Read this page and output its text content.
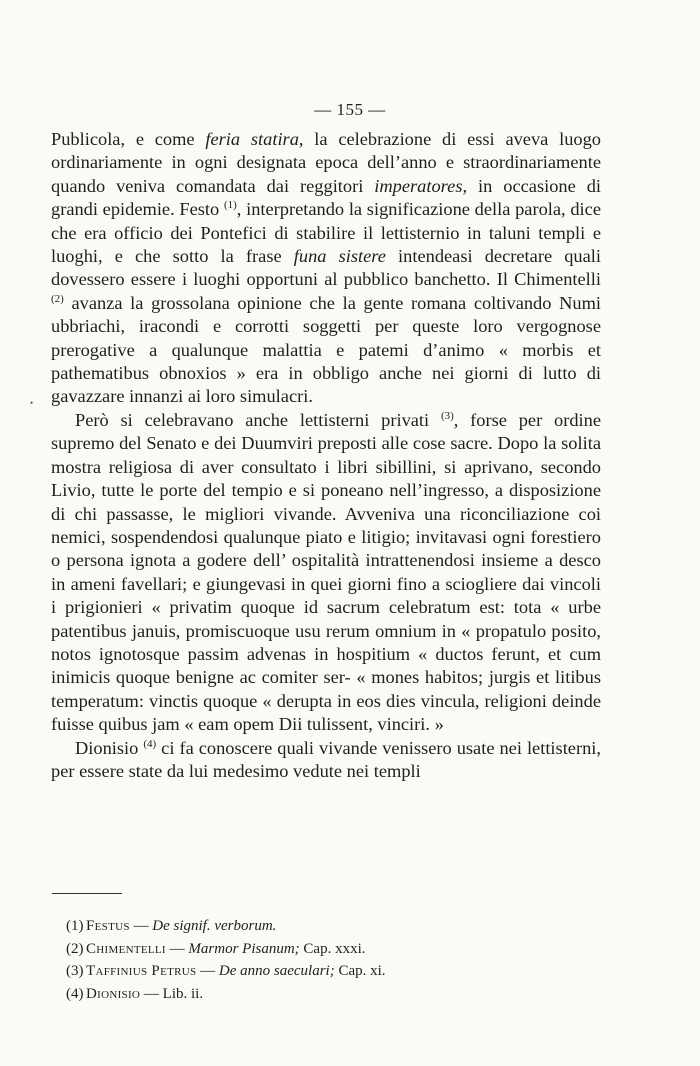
— 155 —

Publicola, e come feria statira, la celebrazione di essi aveva luogo ordinariamente in ogni designata epoca dell’anno e straordinariamente quando veniva comandata dai reggitori imperatores, in occasione di grandi epidemie. Festo $^{(1)}$, interpretando la significazione della parola, dice che era officio dei Pontefici di stabilire il lettisternio in taluni templi e luoghi, e che sotto la frase funa sistere intendeasi decretare quali dovessero essere i luoghi opportuni al pubblico banchetto. Il Chimentelli $^{(2)}$ avanza la grossolana opinione che la gente romana coltivando Numi ubbriachi, iracondi e corrotti soggetti per queste loro vergognose prerogative a qualunque malattia e patemi d’animo « morbis et pathematibus obnoxios » era in obbligo anche nei giorni di lutto di gavazzare innanzi ai loro simulacri.

Però si celebravano anche lettisterni privati $^{(3)}$, forse per ordine supremo del Senato e dei Duumviri preposti alle cose sacre. Dopo la solita mostra religiosa di aver consultato i libri sibillini, si aprivano, secondo Livio, tutte le porte del tempio e si poneano nell’ingresso, a disposizione di chi passasse, le migliori vivande. Avveniva una riconciliazione coi nemici, sospendendosi qualunque piato e litigio; invitavasi ogni forestiero o persona ignota a godere dell’ ospitalità intrattenendosi insieme a desco in ameni favellari; e giungevasi in quei giorni fino a sciogliere dai vincoli i prigionieri « privatim quoque id sacrum celebratum est: tota « urbe patentibus januis, promiscuoque usu rerum omnium in « propatulo posito, notos ignotosque passim advenas in hospitium « ductos ferunt, et cum inimicis quoque benigne ac comiter ser- « mones habitos; jurgis et litibus temperatum: vinctis quoque « derupta in eos dies vincula, religioni deinde fuisse quibus jam « eam opem Dii tulissent, vinciri. »

Dionisio $^{(4)}$ ci fa conoscere quali vivande venissero usate nei lettisterni, per essere state da lui medesimo vedute nei templi

•
(1) Festus — De signif. verborum.
(2) Chimentelli — Marmor Pisanum; Cap. xxxi.
(3) Taffinius Petrus — De anno saeculari; Cap. xi.
(4) Dionisio — Lib. ii.
